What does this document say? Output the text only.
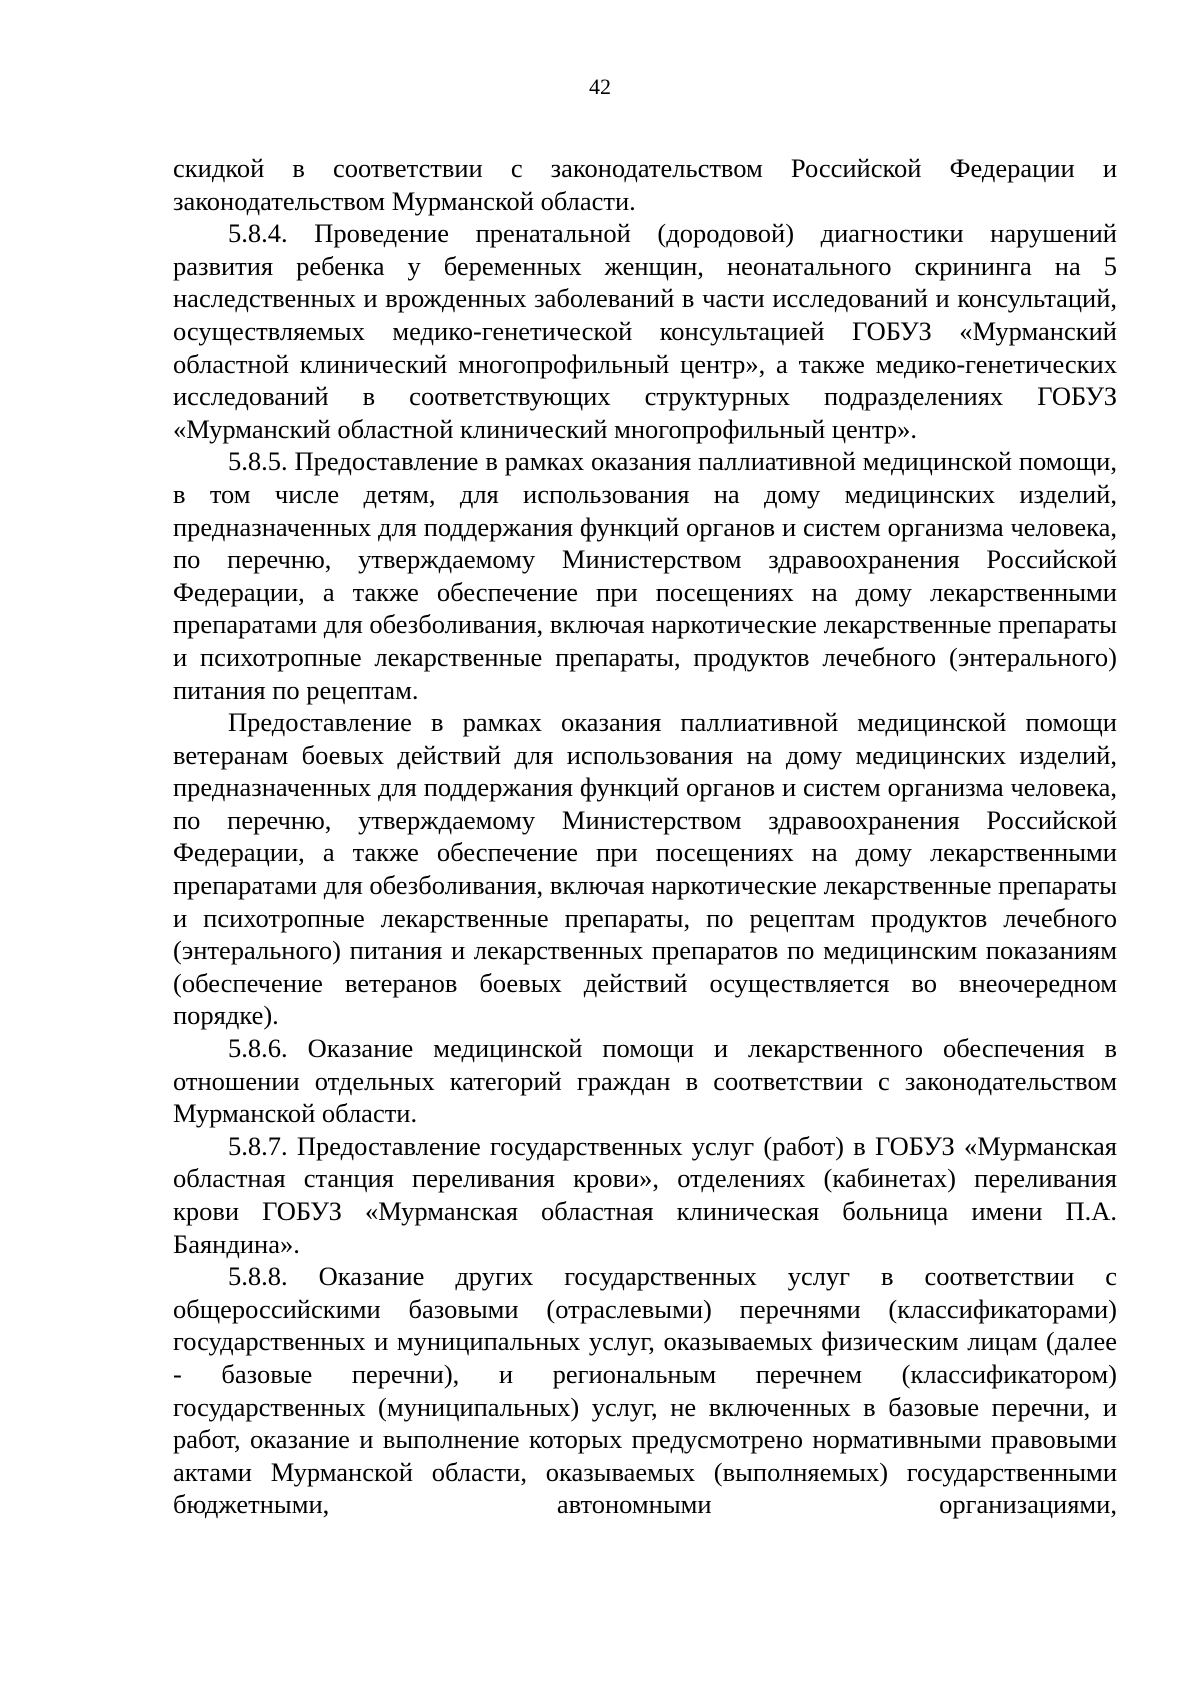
42

скидкой в соответствии с законодательством Российской Федерации и законодательством Мурманской области.

5.8.4. Проведение пренатальной (дородовой) диагностики нарушений развития ребенка у беременных женщин, неонатального скрининга на 5 наследственных и врожденных заболеваний в части исследований и консультаций, осуществляемых медико-генетической консультацией ГОБУЗ «Мурманский областной клинический многопрофильный центр», а также медико-генетических исследований в соответствующих структурных подразделениях ГОБУЗ «Мурманский областной клинический многопрофильный центр».

5.8.5. Предоставление в рамках оказания паллиативной медицинской помощи, в том числе детям, для использования на дому медицинских изделий, предназначенных для поддержания функций органов и систем организма человека, по перечню, утверждаемому Министерством здравоохранения Российской Федерации, а также обеспечение при посещениях на дому лекарственными препаратами для обезболивания, включая наркотические лекарственные препараты и психотропные лекарственные препараты, продуктов лечебного (энтерального) питания по рецептам.

Предоставление в рамках оказания паллиативной медицинской помощи ветеранам боевых действий для использования на дому медицинских изделий, предназначенных для поддержания функций органов и систем организма человека, по перечню, утверждаемому Министерством здравоохранения Российской Федерации, а также обеспечение при посещениях на дому лекарственными препаратами для обезболивания, включая наркотические лекарственные препараты и психотропные лекарственные препараты, по рецептам продуктов лечебного (энтерального) питания и лекарственных препаратов по медицинским показаниям (обеспечение ветеранов боевых действий осуществляется во внеочередном порядке).

5.8.6. Оказание медицинской помощи и лекарственного обеспечения в отношении отдельных категорий граждан в соответствии с законодательством Мурманской области.

5.8.7. Предоставление государственных услуг (работ) в ГОБУЗ «Мурманская областная станция переливания крови», отделениях (кабинетах) переливания крови ГОБУЗ «Мурманская областная клиническая больница имени П.А. Баяндина».

5.8.8. Оказание других государственных услуг в соответствии с общероссийскими базовыми (отраслевыми) перечнями (классификаторами) государственных и муниципальных услуг, оказываемых физическим лицам (далее - базовые перечни), и региональным перечнем (классификатором) государственных (муниципальных) услуг, не включенных в базовые перечни, и работ, оказание и выполнение которых предусмотрено нормативными правовыми актами Мурманской области, оказываемых (выполняемых) государственными бюджетными, автономными организациями,
